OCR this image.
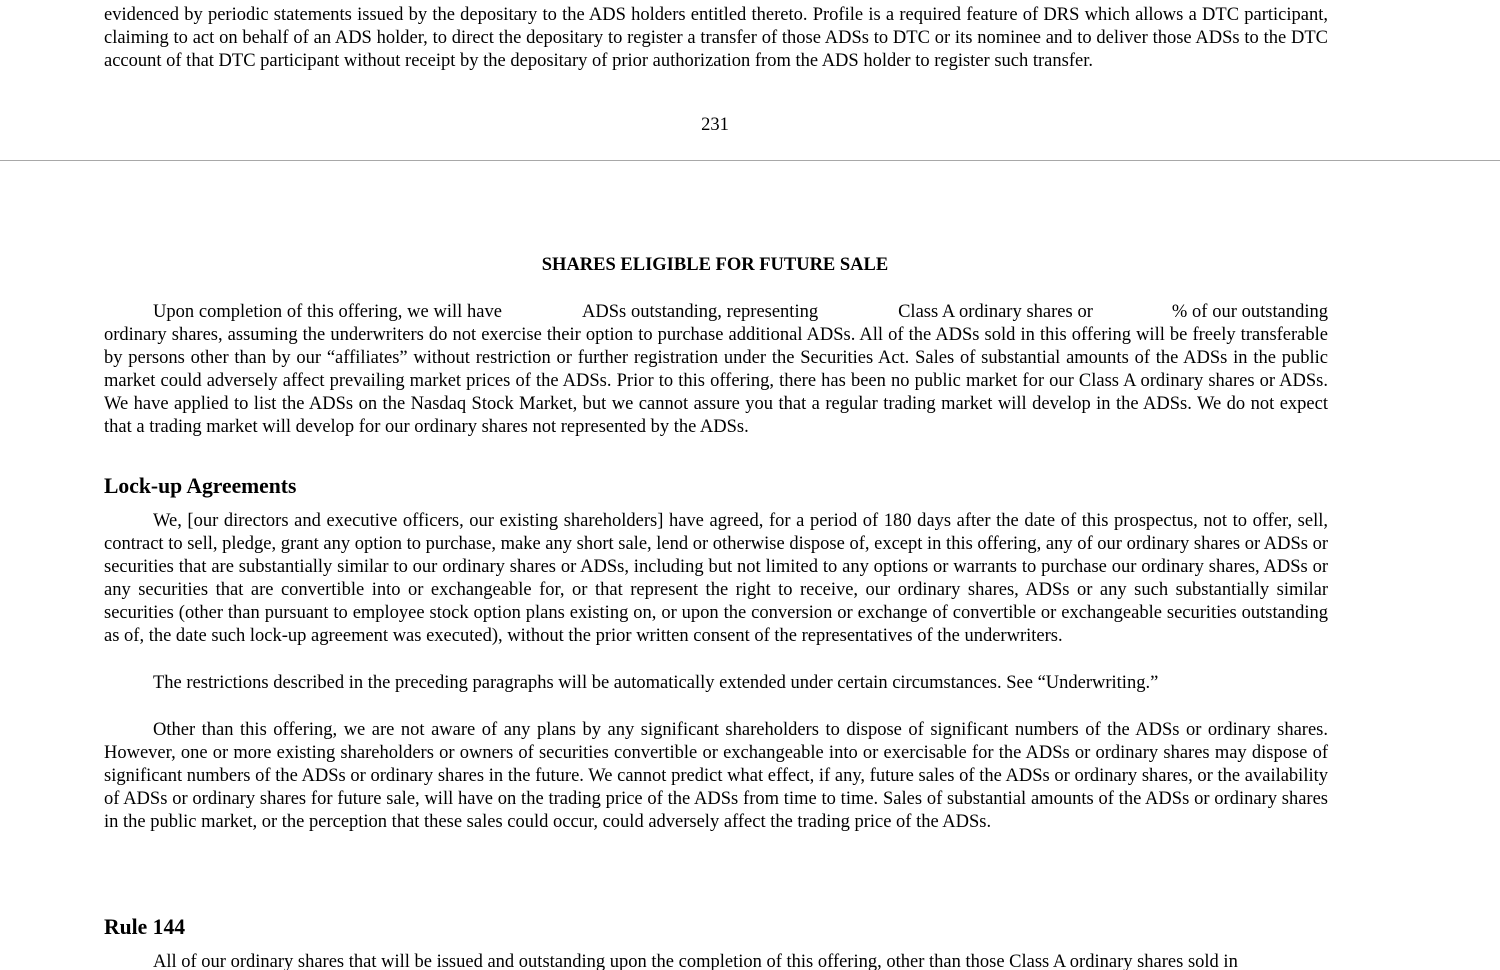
evidenced by periodic statements issued by the depositary to the ADS holders entitled thereto. Profile is a required feature of DRS which allows a DTC participant, claiming to act on behalf of an ADS holder, to direct the depositary to register a transfer of those ADSs to DTC or its nominee and to deliver those ADSs to the DTC account of that DTC participant without receipt by the depositary of prior authorization from the ADS holder to register such transfer.

231
SHARES ELIGIBLE FOR FUTURE SALE

Upon completion of this offering, we will have	ADSs outstanding, representing	Class A ordinary shares or	% of our outstanding ordinary shares, assuming the underwriters do not exercise their option to purchase additional ADSs. All of the ADSs sold in this offering will be freely transferable by persons other than by our “affiliates” without restriction or further registration under the Securities Act. Sales of substantial amounts of the ADSs in the public market could adversely affect prevailing market prices of the ADSs. Prior to this offering, there has been no public market for our Class A ordinary shares or ADSs. We have applied to list the ADSs on the Nasdaq Stock Market, but we cannot assure you that a regular trading market will develop in the ADSs. We do not expect that a trading market will develop for our ordinary shares not represented by the ADSs.

Lock-up Agreements

We, [our directors and executive officers, our existing shareholders] have agreed, for a period of 180 days after the date of this prospectus, not to offer, sell, contract to sell, pledge, grant any option to purchase, make any short sale, lend or otherwise dispose of, except in this offering, any of our ordinary shares or ADSs or securities that are substantially similar to our ordinary shares or ADSs, including but not limited to any options or warrants to purchase our ordinary shares, ADSs or any securities that are convertible into or exchangeable for, or that represent the right to receive, our ordinary shares, ADSs or any such substantially similar securities (other than pursuant to employee stock option plans existing on, or upon the conversion or exchange of convertible or exchangeable securities outstanding as of, the date such lock-up agreement was executed), without the prior written consent of the representatives of the underwriters.

The restrictions described in the preceding paragraphs will be automatically extended under certain circumstances. See “Underwriting.”

Other than this offering, we are not aware of any plans by any significant shareholders to dispose of significant numbers of the ADSs or ordinary shares. However, one or more existing shareholders or owners of securities convertible or exchangeable into or exercisable for the ADSs or ordinary shares may dispose of significant numbers of the ADSs or ordinary shares in the future. We cannot predict what effect, if any, future sales of the ADSs or ordinary shares, or the availability of ADSs or ordinary shares for future sale, will have on the trading price of the ADSs from time to time. Sales of substantial amounts of the ADSs or ordinary shares in the public market, or the perception that these sales could occur, could adversely affect the trading price of the ADSs.

Rule 144

All of our ordinary shares that will be issued and outstanding upon the completion of this offering, other than those Class A ordinary shares sold in
